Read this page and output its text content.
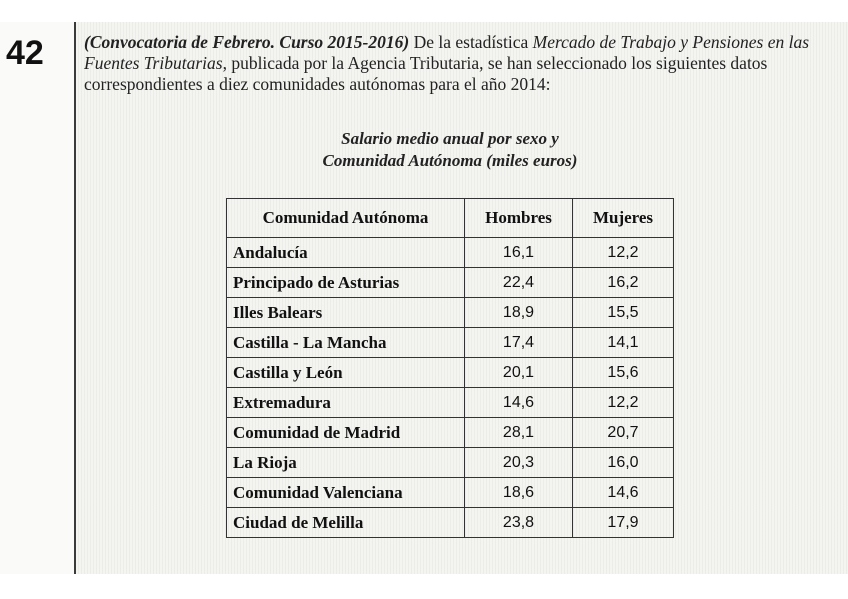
42 (Convocatoria de Febrero. Curso 2015-2016) De la estadística Mercado de Trabajo y Pensiones en las Fuentes Tributarias, publicada por la Agencia Tributaria, se han seleccionado los siguientes datos correspondientes a diez comunidades autónomas para el año 2014:
Salario medio anual por sexo y
Comunidad Autónoma (miles euros)
Comunidad Autónoma	Hombres	Mujeres
Andalucía	16,1	12,2
Principado de Asturias	22,4	16,2
Illes Balears	18,9	15,5
Castilla - La Mancha	17,4	14,1
Castilla y León	20,1	15,6
Extremadura	14,6	12,2
Comunidad de Madrid	28,1	20,7
La Rioja	20,3	16,0
Comunidad Valenciana	18,6	14,6
Ciudad de Melilla	23,8	17,9
